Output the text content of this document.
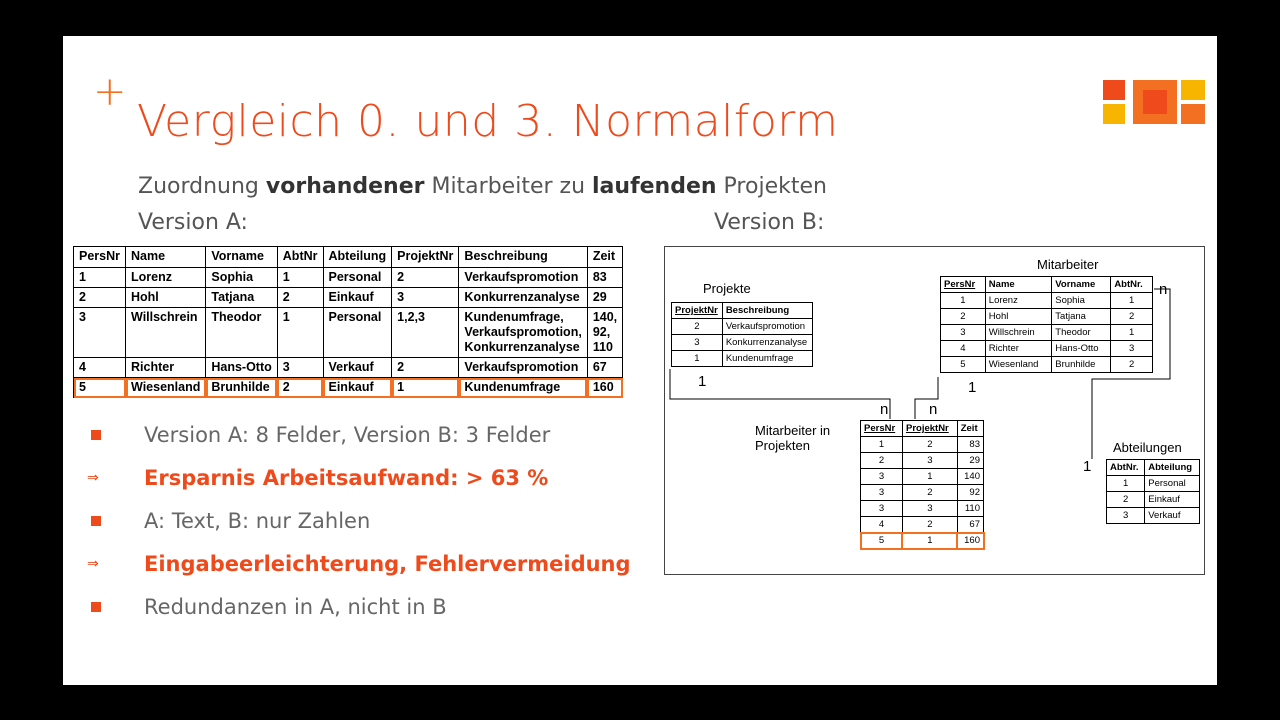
+
Vergleich 0. und 3. Normalform
Zuordnung vorhandener Mitarbeiter zu laufenden Projekten
Version A:	Version B:
PersNr	Name	Vorname	AbtNr	Abteilung	ProjektNr	Beschreibung	Zeit
1	Lorenz	Sophia	1	Personal	2	Verkaufspromotion	83
2	Hohl	Tatjana	2	Einkauf	3	Konkurrenzanalyse	29
3	Willschrein	Theodor	1	Personal	1,2,3	Kundenumfrage,
Verkaufspromotion,
Konkurrenzanalyse	140,
92,
110
4	Richter	Hans-Otto	3	Verkauf	2	Verkaufspromotion	67
5	Wiesenland	Brunhilde	2	Einkauf	1	Kundenumfrage	160
Version A: 8 Felder, Version B: 3 Felder
⇒	Ersparnis Arbeitsaufwand: > 63 %
A: Text, B: nur Zahlen
⇒	Eingabeerleichterung, Fehlervermeidung
Redundanzen in A, nicht in B
Projekte
ProjektNr	Beschreibung
2	Verkaufspromotion
3	Konkurrenzanalyse
1	Kundenumfrage
Mitarbeiter
PersNr	Name	Vorname	AbtNr.
1	Lorenz	Sophia	1
2	Hohl	Tatjana	2
3	Willschrein	Theodor	1
4	Richter	Hans-Otto	3
5	Wiesenland	Brunhilde	2
Mitarbeiter in
Projekten
PersNr	ProjektNr	Zeit
1	2	83
2	3	29
3	1	140
3	2	92
3	3	110
4	2	67
5	1	160
Abteilungen
AbtNr.	Abteilung
1	Personal
2	Einkauf
3	Verkauf
1	1
n	n
n
1
